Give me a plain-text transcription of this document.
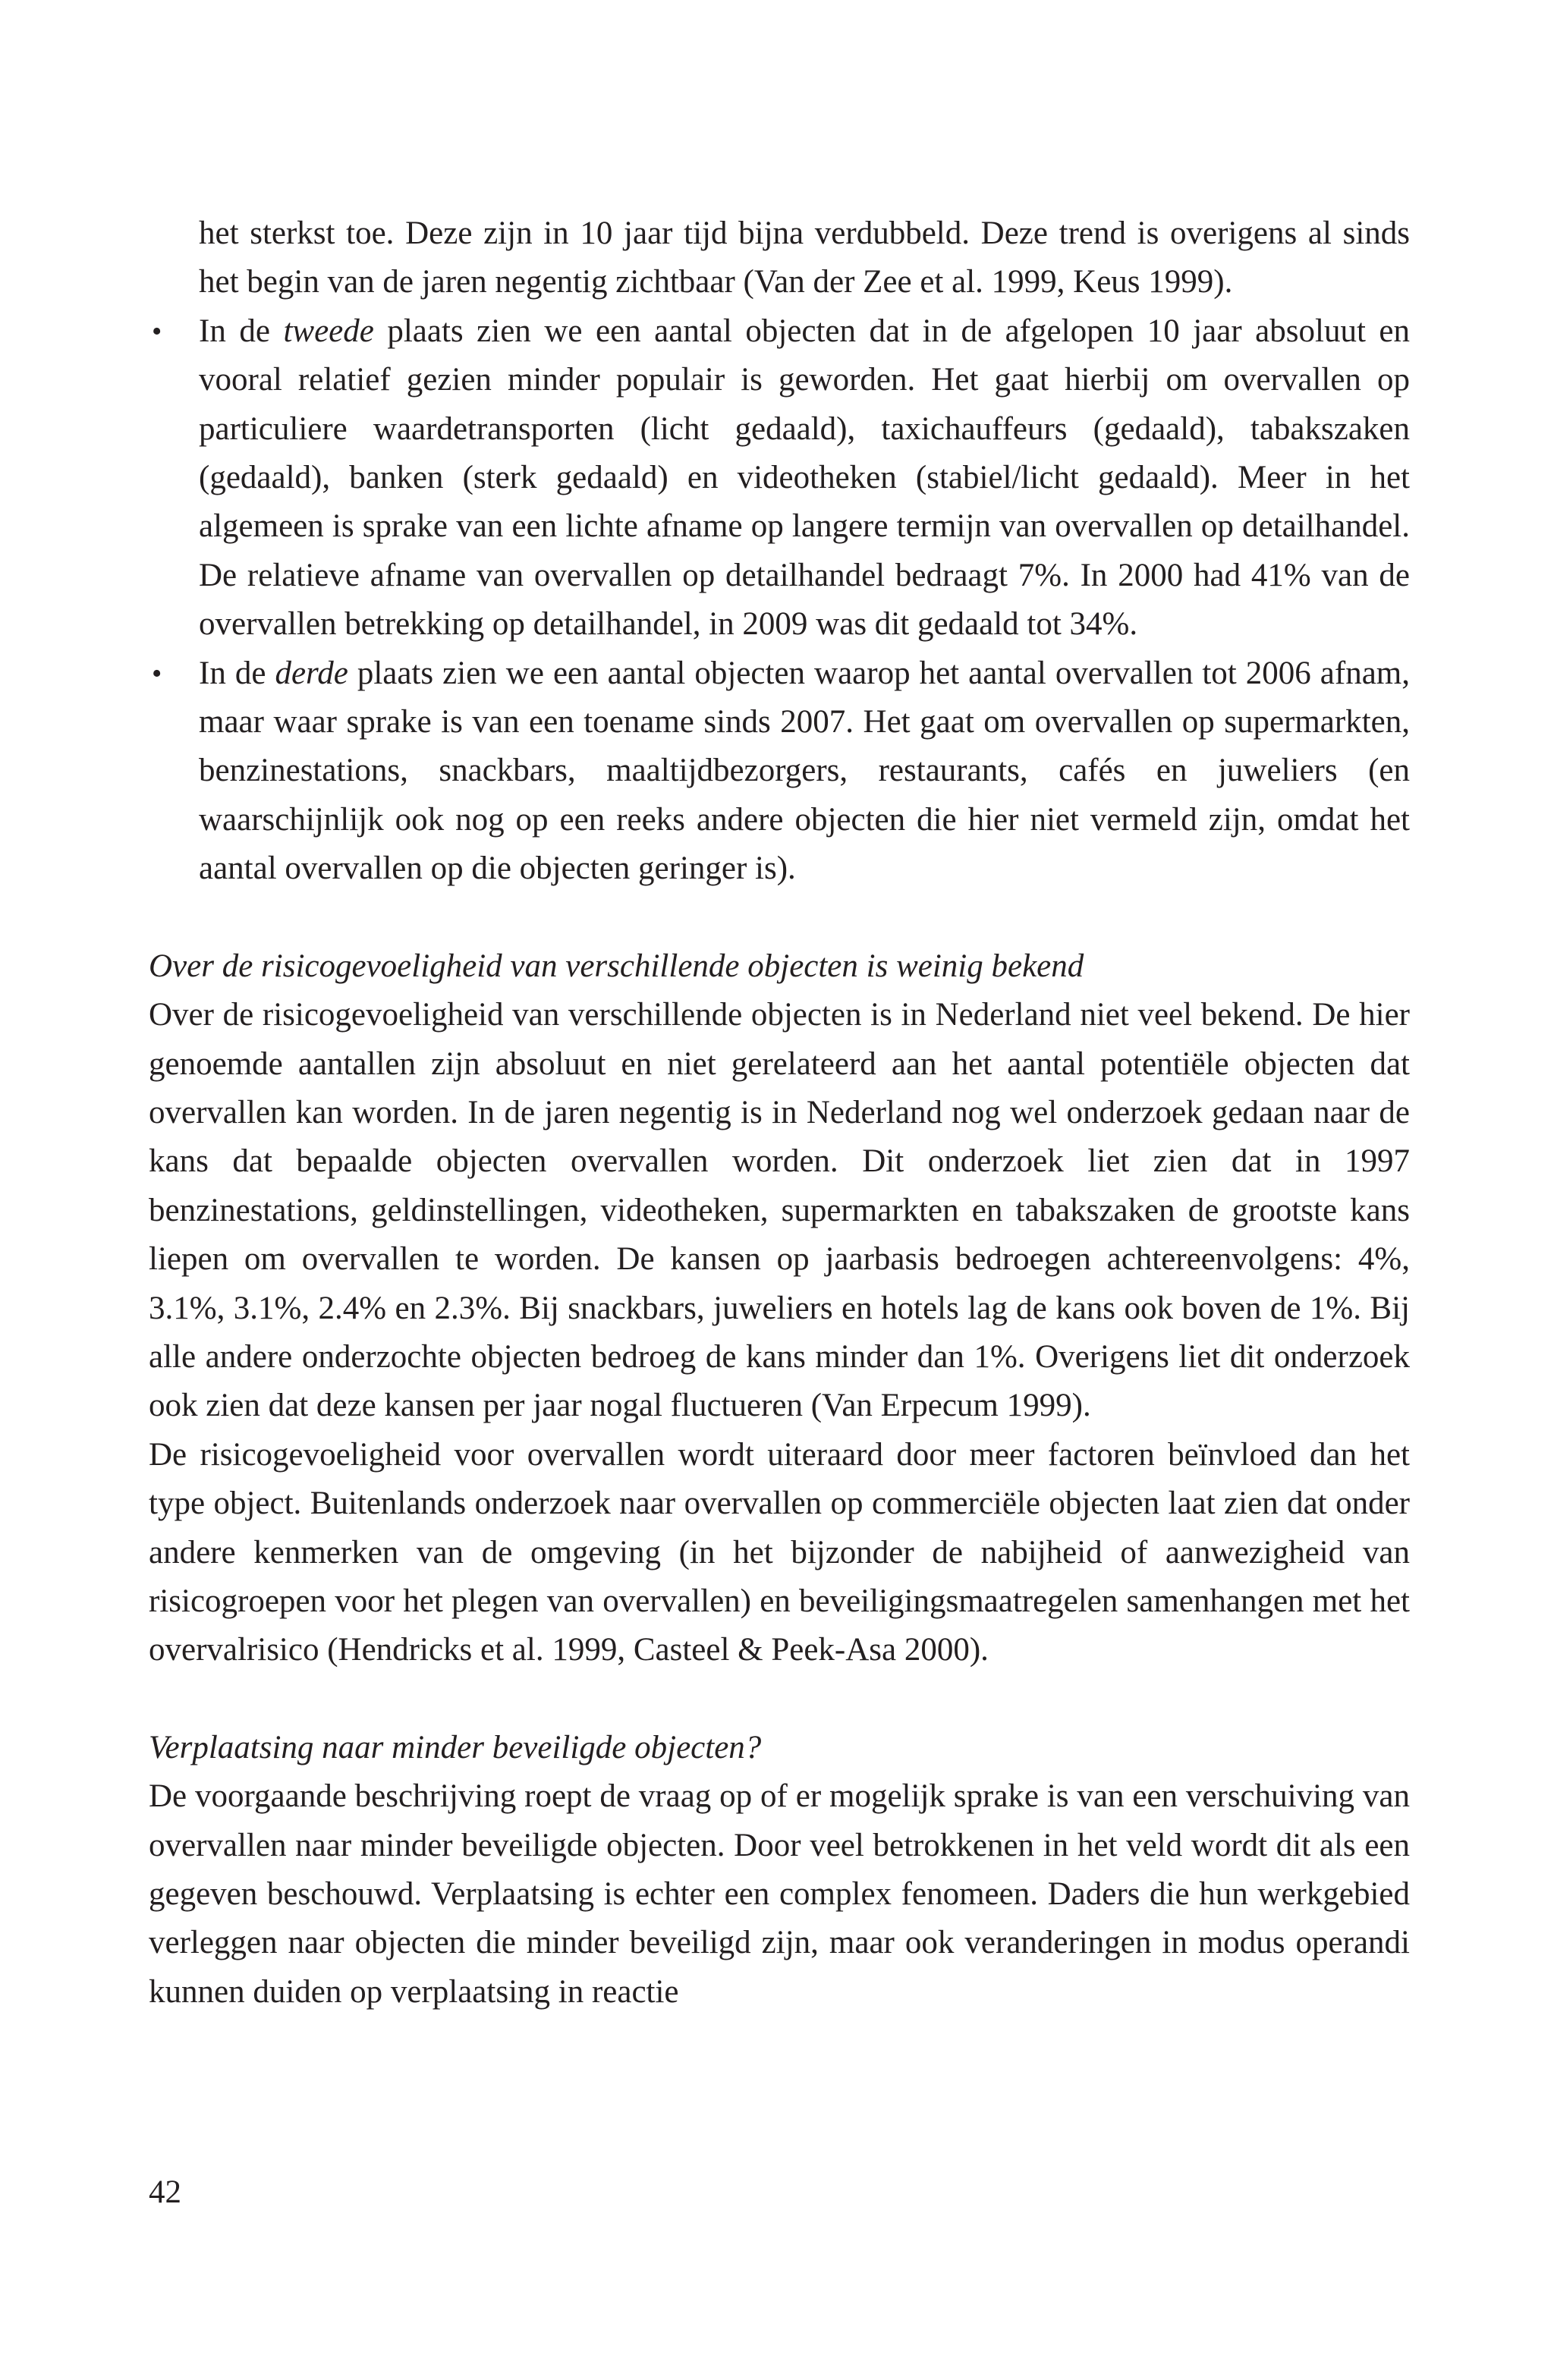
het sterkst toe. Deze zijn in 10 jaar tijd bijna verdubbeld. Deze trend is overigens al sinds het begin van de jaren negentig zichtbaar (Van der Zee et al. 1999, Keus 1999).

• In de tweede plaats zien we een aantal objecten dat in de afgelopen 10 jaar absoluut en vooral relatief gezien minder populair is geworden. Het gaat hierbij om overvallen op particuliere waardetransporten (licht gedaald), taxichauffeurs (gedaald), tabakszaken (gedaald), banken (sterk gedaald) en videotheken (stabiel/licht gedaald). Meer in het algemeen is sprake van een lichte afname op langere termijn van overvallen op detailhandel. De relatieve afname van overvallen op detailhandel bedraagt 7%. In 2000 had 41% van de overvallen betrekking op detailhandel, in 2009 was dit gedaald tot 34%.

• In de derde plaats zien we een aantal objecten waarop het aantal overvallen tot 2006 afnam, maar waar sprake is van een toename sinds 2007. Het gaat om overvallen op supermarkten, benzinestations, snackbars, maaltijdbezorgers, restaurants, cafés en juweliers (en waarschijnlijk ook nog op een reeks andere objecten die hier niet vermeld zijn, omdat het aantal overvallen op die objecten geringer is).

Over de risicogevoeligheid van verschillende objecten is weinig bekend

Over de risicogevoeligheid van verschillende objecten is in Nederland niet veel bekend. De hier genoemde aantallen zijn absoluut en niet gerelateerd aan het aantal potentiële objecten dat overvallen kan worden. In de jaren negentig is in Nederland nog wel onderzoek gedaan naar de kans dat bepaalde objecten overvallen worden. Dit onderzoek liet zien dat in 1997 benzinestations, geldinstellingen, videotheken, supermarkten en tabakszaken de grootste kans liepen om overvallen te worden. De kansen op jaarbasis bedroegen achtereenvolgens: 4%, 3.1%, 3.1%, 2.4% en 2.3%. Bij snackbars, juweliers en hotels lag de kans ook boven de 1%. Bij alle andere onderzochte objecten bedroeg de kans minder dan 1%. Overigens liet dit onderzoek ook zien dat deze kansen per jaar nogal fluctueren (Van Erpecum 1999).

De risicogevoeligheid voor overvallen wordt uiteraard door meer factoren beïnvloed dan het type object. Buitenlands onderzoek naar overvallen op commerciële objecten laat zien dat onder andere kenmerken van de omgeving (in het bijzonder de nabijheid of aanwezigheid van risicogroepen voor het plegen van overvallen) en beveiligingsmaatregelen samenhangen met het overvalrisico (Hendricks et al. 1999, Casteel & Peek-Asa 2000).

Verplaatsing naar minder beveiligde objecten?

De voorgaande beschrijving roept de vraag op of er mogelijk sprake is van een verschuiving van overvallen naar minder beveiligde objecten. Door veel betrokkenen in het veld wordt dit als een gegeven beschouwd. Verplaatsing is echter een complex fenomeen. Daders die hun werkgebied verleggen naar objecten die minder beveiligd zijn, maar ook veranderingen in modus operandi kunnen duiden op verplaatsing in reactie

42
